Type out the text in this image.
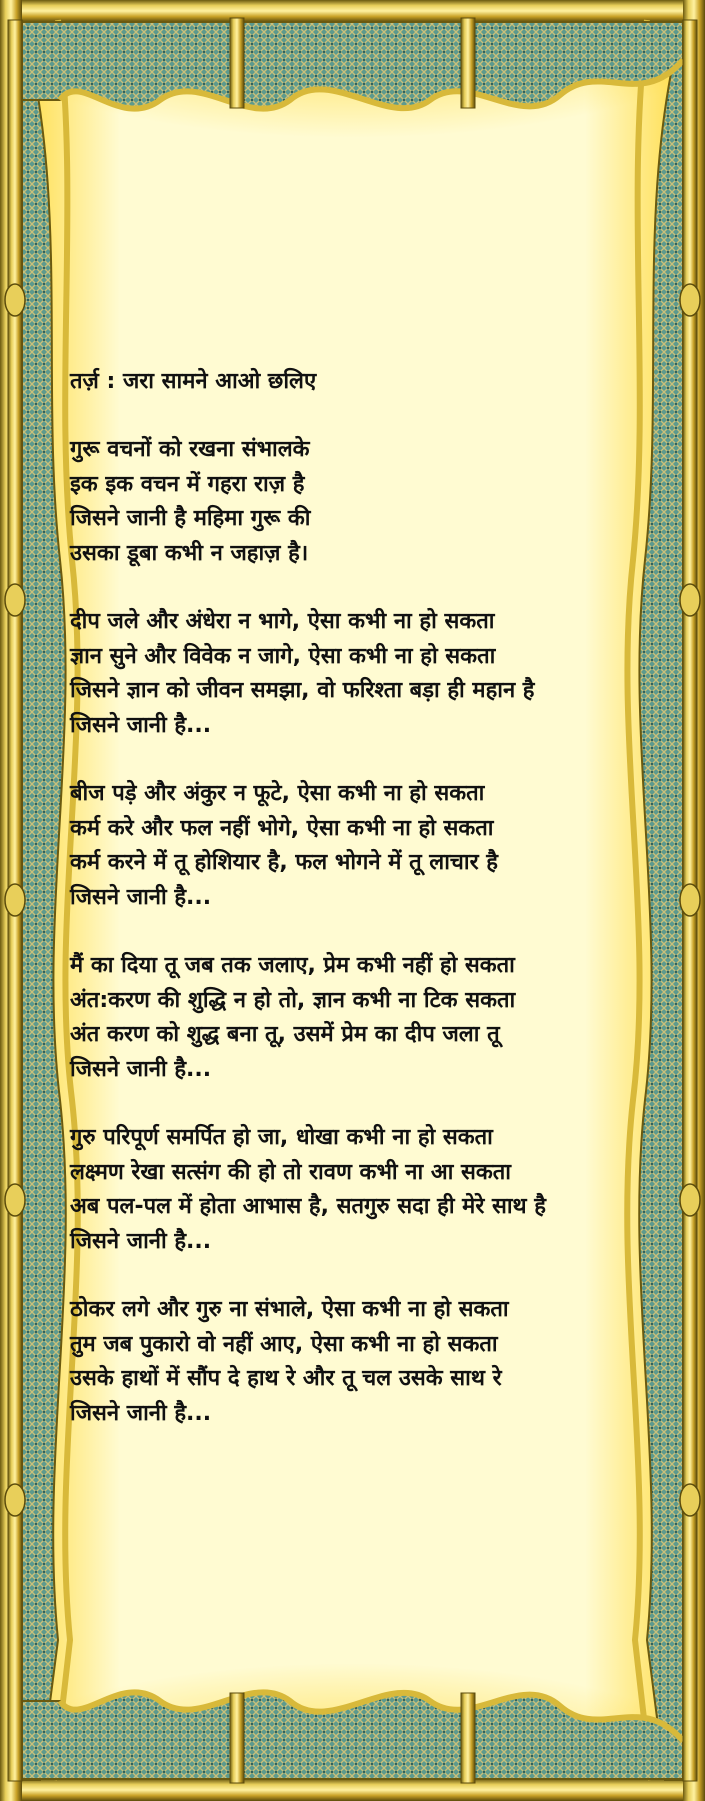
तर्ज़ : जरा सामने आओ छलिए
गुरू वचनों को रखना संभालके
इक इक वचन में गहरा राज़ है
जिसने जानी है महिमा गुरू की
उसका डूबा कभी न जहाज़ है।
दीप जले और अंधेरा न भागे, ऐसा कभी ना हो सकता
ज्ञान सुने और विवेक न जागे, ऐसा कभी ना हो सकता
जिसने ज्ञान को जीवन समझा, वो फरिश्ता बड़ा ही महान है
जिसने जानी है...
बीज पड़े और अंकुर न फूटे, ऐसा कभी ना हो सकता
कर्म करे और फल नहीं भोगे, ऐसा कभी ना हो सकता
कर्म करने में तू होशियार है, फल भोगने में तू लाचार है
जिसने जानी है...
मैं का दिया तू जब तक जलाए, प्रेम कभी नहीं हो सकता
अंत:करण की शुद्धि न हो तो, ज्ञान कभी ना टिक सकता
अंत करण को शुद्ध बना तू, उसमें प्रेम का दीप जला तू
जिसने जानी है...
गुरु परिपूर्ण समर्पित हो जा, धोखा कभी ना हो सकता
लक्ष्मण रेखा सत्संग की हो तो रावण कभी ना आ सकता
अब पल-पल में होता आभास है, सतगुरु सदा ही मेरे साथ है
जिसने जानी है...
ठोकर लगे और गुरु ना संभाले, ऐसा कभी ना हो सकता
तुम जब पुकारो वो नहीं आए, ऐसा कभी ना हो सकता
उसके हाथों में सौंप दे हाथ रे और तू चल उसके साथ रे
जिसने जानी है...
